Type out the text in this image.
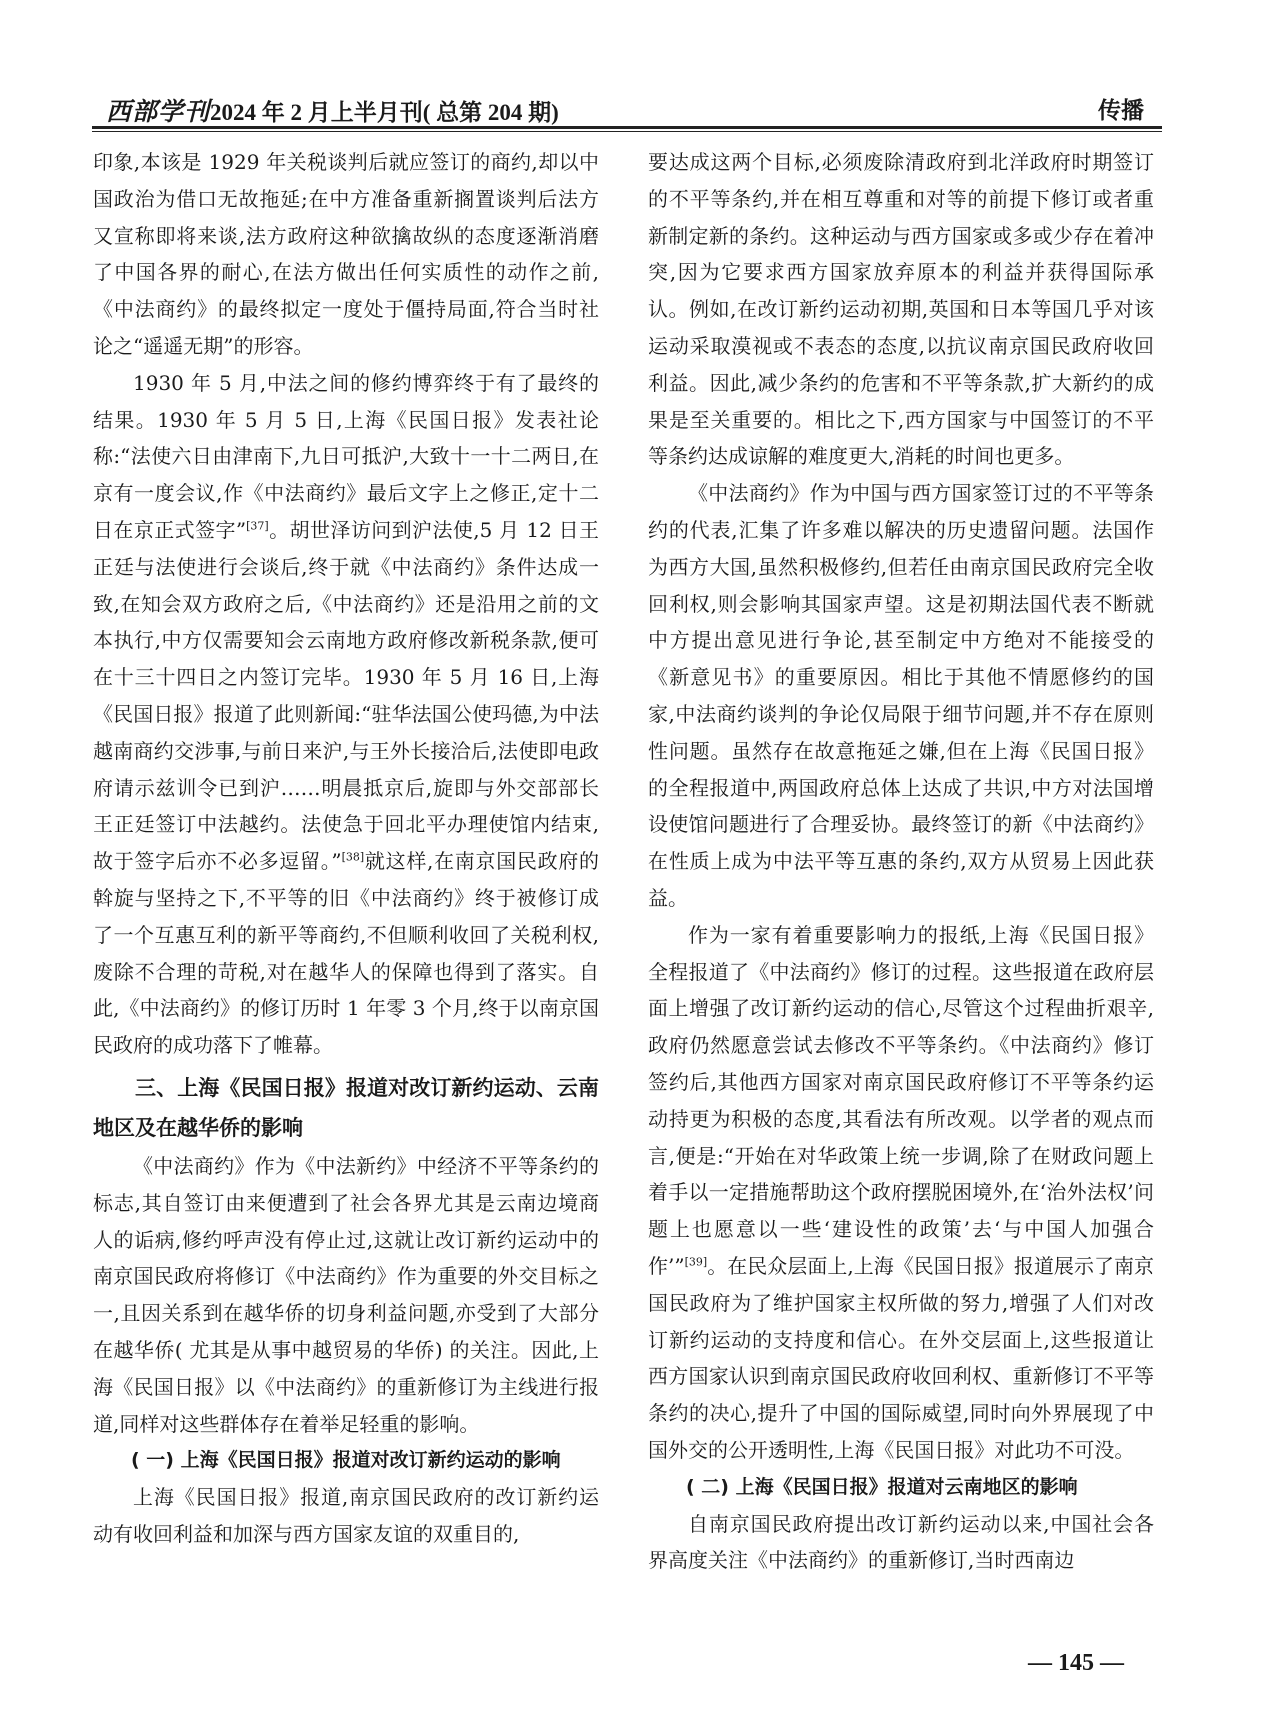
西部学刊2024 年 2 月上半月刊( 总第 204 期)	传播

印象,本该是 1929 年关税谈判后就应签订的商约,却以中国政治为借口无故拖延;在中方准备重新搁置谈判后法方又宣称即将来谈,法方政府这种欲擒故纵的态度逐渐消磨了中国各界的耐心,在法方做出任何实质性的动作之前,《中法商约》的最终拟定一度处于僵持局面,符合当时社论之“遥遥无期”的形容。

1930 年 5 月,中法之间的修约博弈终于有了最终的结果。1930 年 5 月 5 日,上海《民国日报》发表社论称:“法使六日由津南下,九日可抵沪,大致十一十二两日,在京有一度会议,作《中法商约》最后文字上之修正,定十二日在京正式签字”[37]。胡世泽访问到沪法使,5 月 12 日王正廷与法使进行会谈后,终于就《中法商约》条件达成一致,在知会双方政府之后,《中法商约》还是沿用之前的文本执行,中方仅需要知会云南地方政府修改新税条款,便可在十三十四日之内签订完毕。1930 年 5 月 16 日,上海《民国日报》报道了此则新闻:“驻华法国公使玛德,为中法越南商约交涉事,与前日来沪,与王外长接洽后,法使即电政府请示兹训令已到沪……明晨抵京后,旋即与外交部部长王正廷签订中法越约。法使急于回北平办理使馆内结束,故于签字后亦不必多逗留。”[38]就这样,在南京国民政府的斡旋与坚持之下,不平等的旧《中法商约》终于被修订成了一个互惠互利的新平等商约,不但顺利收回了关税利权,废除不合理的苛税,对在越华人的保障也得到了落实。自此,《中法商约》的修订历时 1 年零 3 个月,终于以南京国民政府的成功落下了帷幕。

三、上海《民国日报》报道对改订新约运动、云南地区及在越华侨的影响

《中法商约》作为《中法新约》中经济不平等条约的标志,其自签订由来便遭到了社会各界尤其是云南边境商人的诟病,修约呼声没有停止过,这就让改订新约运动中的南京国民政府将修订《中法商约》作为重要的外交目标之一,且因关系到在越华侨的切身利益问题,亦受到了大部分在越华侨( 尤其是从事中越贸易的华侨) 的关注。因此,上海《民国日报》以《中法商约》的重新修订为主线进行报道,同样对这些群体存在着举足轻重的影响。

( 一) 上海《民国日报》报道对改订新约运动的影响

上海《民国日报》报道,南京国民政府的改订新约运动有收回利益和加深与西方国家友谊的双重目的,

要达成这两个目标,必须废除清政府到北洋政府时期签订的不平等条约,并在相互尊重和对等的前提下修订或者重新制定新的条约。这种运动与西方国家或多或少存在着冲突,因为它要求西方国家放弃原本的利益并获得国际承认。例如,在改订新约运动初期,英国和日本等国几乎对该运动采取漠视或不表态的态度,以抗议南京国民政府收回利益。因此,减少条约的危害和不平等条款,扩大新约的成果是至关重要的。相比之下,西方国家与中国签订的不平等条约达成谅解的难度更大,消耗的时间也更多。

《中法商约》作为中国与西方国家签订过的不平等条约的代表,汇集了许多难以解决的历史遗留问题。法国作为西方大国,虽然积极修约,但若任由南京国民政府完全收回利权,则会影响其国家声望。这是初期法国代表不断就中方提出意见进行争论,甚至制定中方绝对不能接受的《新意见书》的重要原因。相比于其他不情愿修约的国家,中法商约谈判的争论仅局限于细节问题,并不存在原则性问题。虽然存在故意拖延之嫌,但在上海《民国日报》的全程报道中,两国政府总体上达成了共识,中方对法国增设使馆问题进行了合理妥协。最终签订的新《中法商约》在性质上成为中法平等互惠的条约,双方从贸易上因此获益。

作为一家有着重要影响力的报纸,上海《民国日报》全程报道了《中法商约》修订的过程。这些报道在政府层面上增强了改订新约运动的信心,尽管这个过程曲折艰辛,政府仍然愿意尝试去修改不平等条约。《中法商约》修订签约后,其他西方国家对南京国民政府修订不平等条约运动持更为积极的态度,其看法有所改观。以学者的观点而言,便是:“开始在对华政策上统一步调,除了在财政问题上着手以一定措施帮助这个政府摆脱困境外,在‘治外法权’问题上也愿意以一些‘建设性的政策’去‘与中国人加强合作’”[39]。在民众层面上,上海《民国日报》报道展示了南京国民政府为了维护国家主权所做的努力,增强了人们对改订新约运动的支持度和信心。在外交层面上,这些报道让西方国家认识到南京国民政府收回利权、重新修订不平等条约的决心,提升了中国的国际威望,同时向外界展现了中国外交的公开透明性,上海《民国日报》对此功不可没。

( 二) 上海《民国日报》报道对云南地区的影响

自南京国民政府提出改订新约运动以来,中国社会各界高度关注《中法商约》的重新修订,当时西南边

— 145 —
